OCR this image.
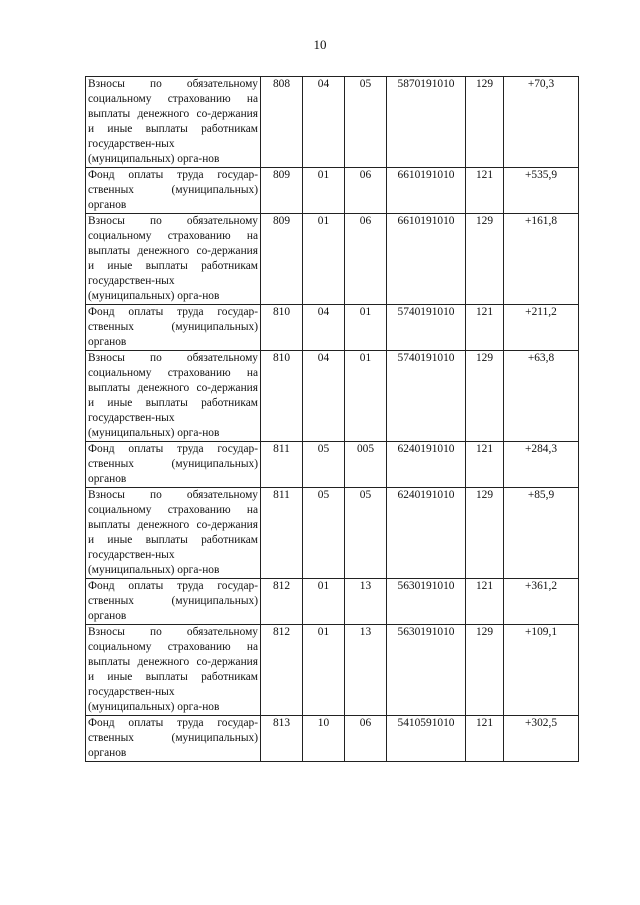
10
Взносы по обязательному социальному страхованию на выплаты денежного со-держания и иные выплаты работникам государствен-ных (муниципальных) орга-нов	808	04	05	5870191010	129	+70,3
Фонд оплаты труда государ-ственных (муниципальных) органов	809	01	06	6610191010	121	+535,9
Взносы по обязательному социальному страхованию на выплаты денежного со-держания и иные выплаты работникам государствен-ных (муниципальных) орга-нов	809	01	06	6610191010	129	+161,8
Фонд оплаты труда государ-ственных (муниципальных) органов	810	04	01	5740191010	121	+211,2
Взносы по обязательному социальному страхованию на выплаты денежного со-держания и иные выплаты работникам государствен-ных (муниципальных) орга-нов	810	04	01	5740191010	129	+63,8
Фонд оплаты труда государ-ственных (муниципальных) органов	811	05	005	6240191010	121	+284,3
Взносы по обязательному социальному страхованию на выплаты денежного со-держания и иные выплаты работникам государствен-ных (муниципальных) орга-нов	811	05	05	6240191010	129	+85,9
Фонд оплаты труда государ-ственных (муниципальных) органов	812	01	13	5630191010	121	+361,2
Взносы по обязательному социальному страхованию на выплаты денежного со-держания и иные выплаты работникам государствен-ных (муниципальных) орга-нов	812	01	13	5630191010	129	+109,1
Фонд оплаты труда государ-ственных (муниципальных) органов	813	10	06	5410591010	121	+302,5
